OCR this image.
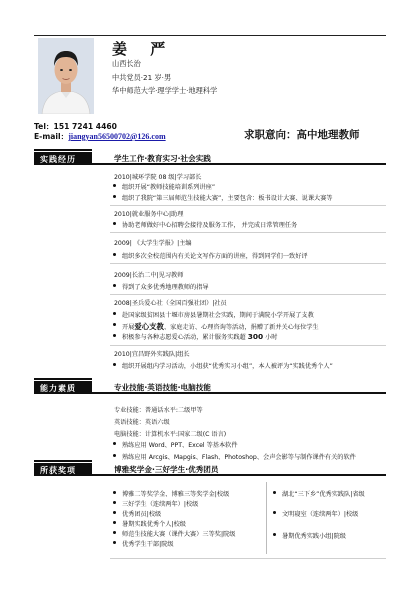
姜 严
山西长治
中共党员·21 岁·男
华中师范大学·理学学士·地理科学
Tel：151 7241 4460
E-mail：jiangyan56500702@126.com	求职意向：高中地理教师
实践经历	学生工作·教育实习·社会实践
2010|城环学院 08 级|学习部长
组织开展“教师技能培训系列讲座”
组织了我院“第三届师范生技能大赛”，主要包含：板书设计大赛、说课大赛等
2010|就业服务中心|助理
协助老师做好中心招聘会接待及服务工作， 并完成日常管理任务
2009| 《大学生学报》|主编
组织多次全校范围内有关论文写作方面的讲座，得到同学们一致好评
2009|长治二中|见习教师
得到了众多优秀地理教师的指导
2008|圣兵爱心社（全国百强社团）|社员
赴国家级贫困县十堰市房县暑期社会实践，期间于满院小学开展了支教
开展爱心支教、家庭走访、心理咨询等活动，捐赠了新并关心每位学生
积极参与各种志愿爱心活动，累计服务实践超 300 小时
2010|宜昌野外实践队|组长
组织开展组内学习活动，小组获“优秀实习小组”，本人被评为“实践优秀个人”
能力素质	专业技能·英语技能·电脑技能
专业技能：普通话水平:二级甲等
英语技能：英语六级
电脑技能：计算机水平:国家二级(C 语言)
熟练应用 Word、PPT、Excel 等基本软件
熟练应用 Arcgis、Mapgis、Flash、Photoshop、会声会影等与制作课件有关的软件
所获奖项	博雅奖学金·三好学生·优秀团员
博雅二等奖学金、博雅三等奖学金|校级
三好学生（连续两年）|校级
优秀团员|校级
暑期实践优秀个人|校级
师范生技能大赛（课件大赛）三等奖|院级
优秀学生干部|院级
湖北“三下乡”优秀实践队|省级
文明寝室（连续两年）|校级
暑期优秀实践小组|院级
